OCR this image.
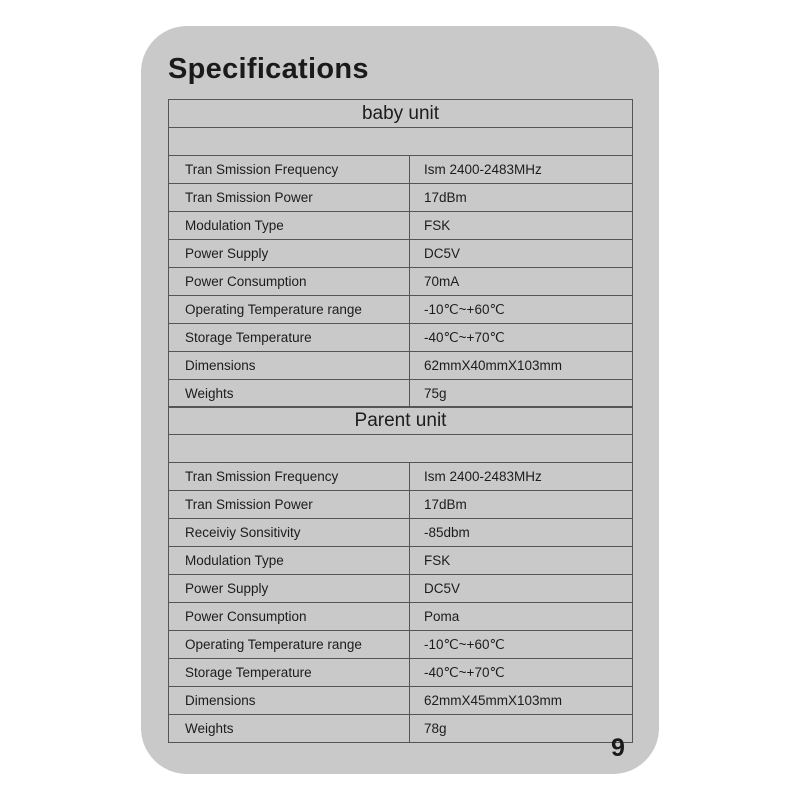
Specifications
baby unit	

Tran Smission Frequency	Ism 2400-2483MHz
Tran Smission Power	17dBm
Modulation Type	FSK
Power Supply	DC5V
Power Consumption	70mA
Operating Temperature range	-10℃~+60℃
Storage Temperature	-40℃~+70℃
Dimensions	62mmX40mmX103mm
Weights	75g
Parent unit	

Tran Smission Frequency	Ism 2400-2483MHz
Tran Smission Power	17dBm
Receiviy Sonsitivity	-85dbm
Modulation Type	FSK
Power Supply	DC5V
Power Consumption	Poma
Operating Temperature range	-10℃~+60℃
Storage Temperature	-40℃~+70℃
Dimensions	62mmX45mmX103mm
Weights	78g
9
